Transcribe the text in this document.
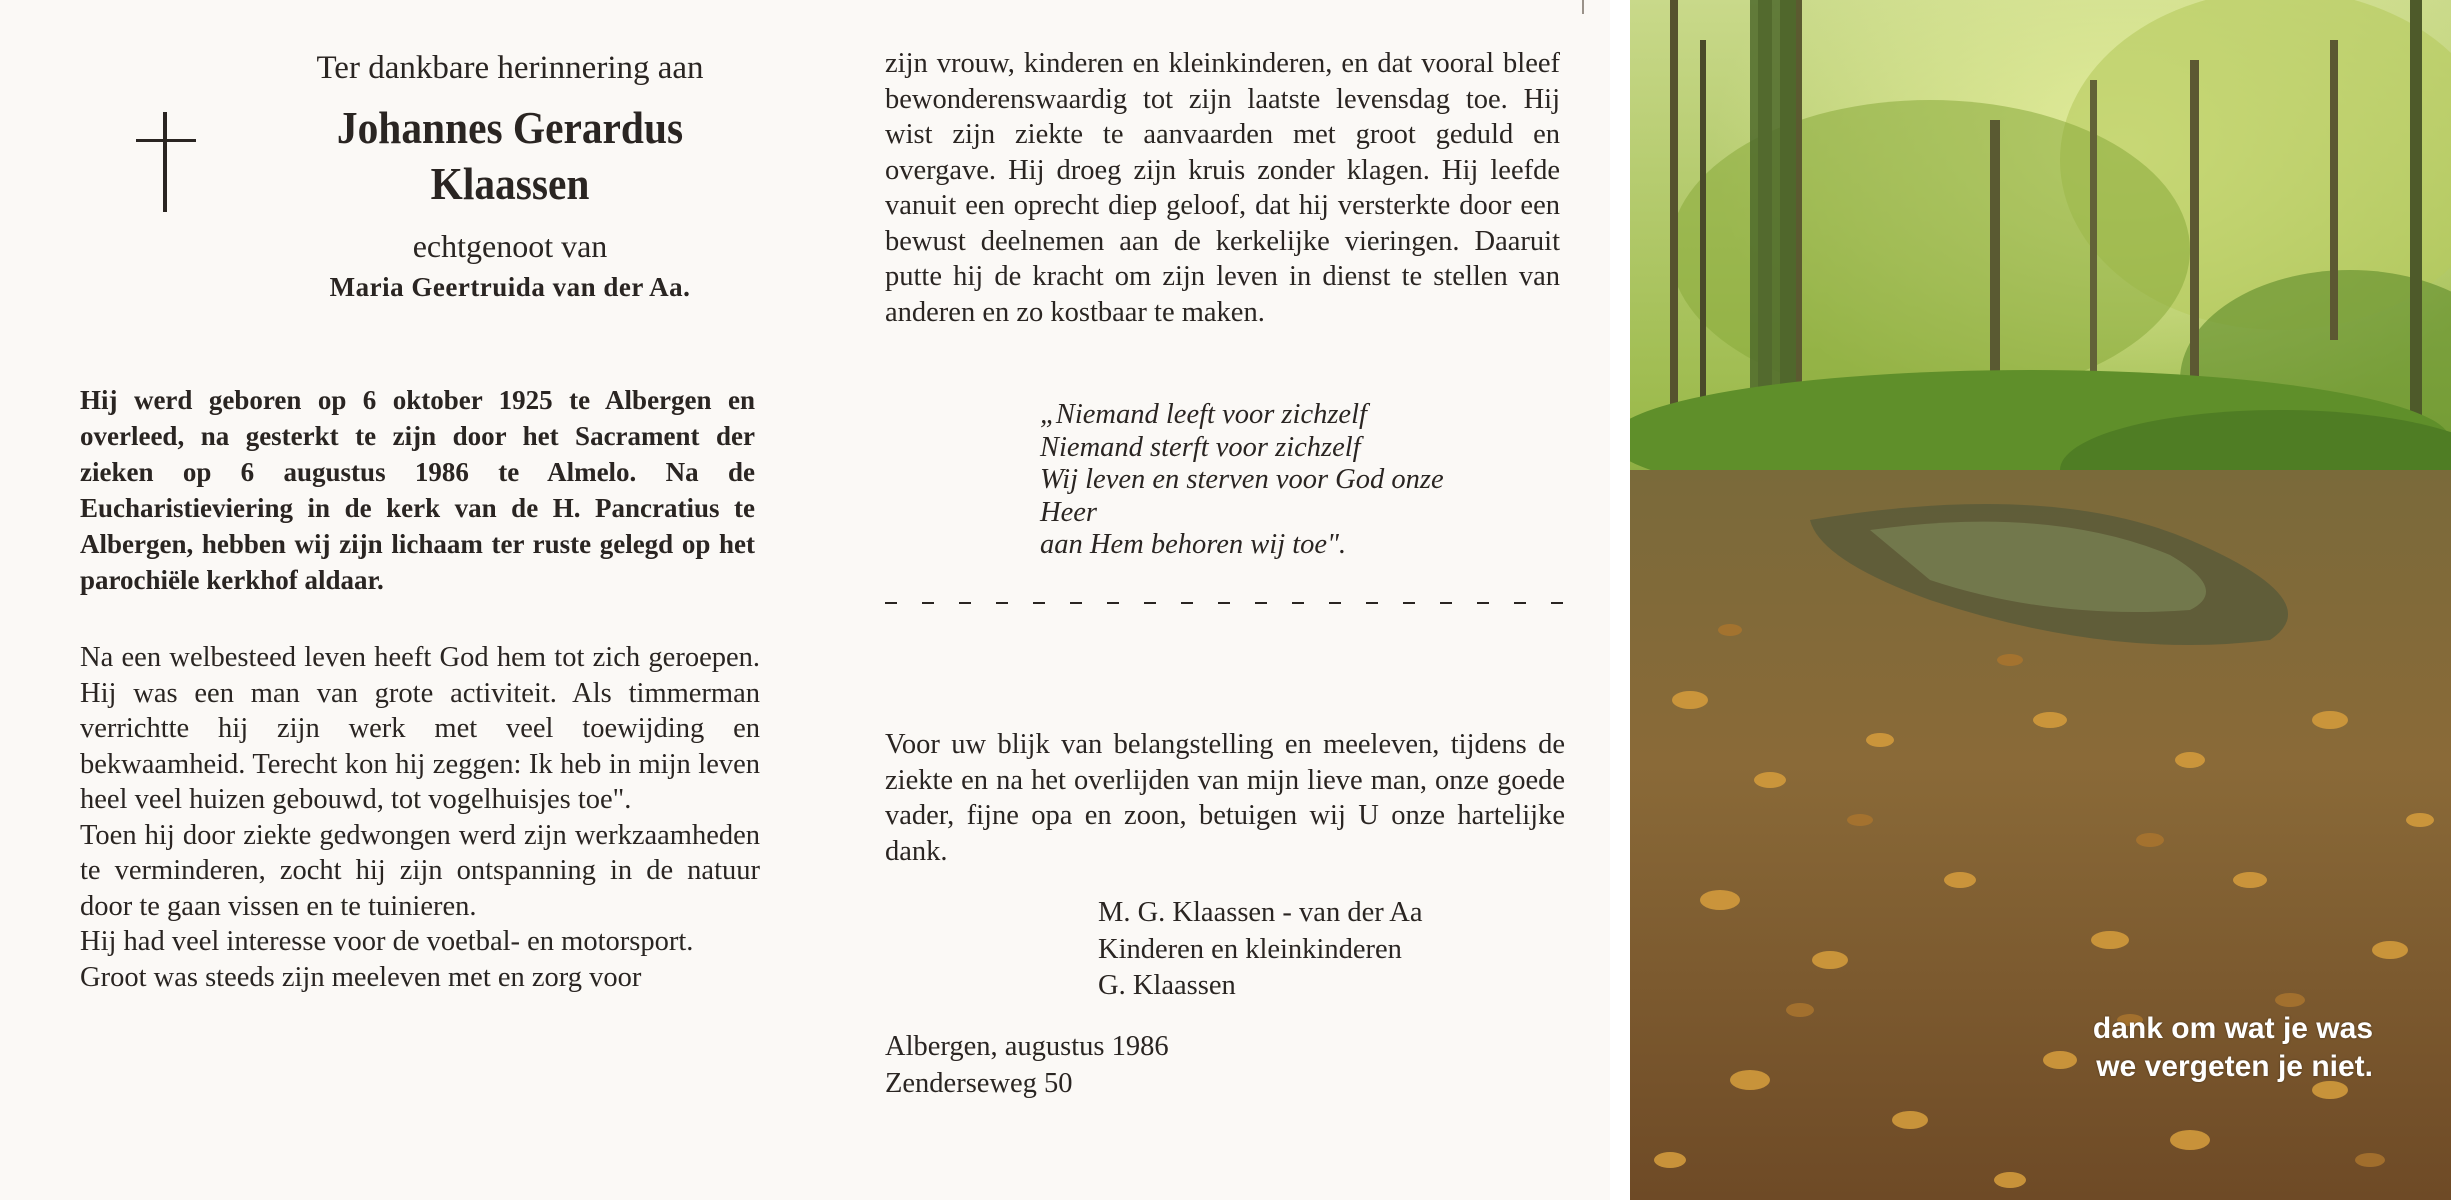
Ter dankbare herinnering aan
Johannes Gerardus
Klaassen
echtgenoot van
Maria Geertruida van der Aa.

Hij werd geboren op 6 oktober 1925 te Albergen en overleed, na gesterkt te zijn door het Sacrament der zieken op 6 augustus 1986 te Almelo. Na de Eucharistieviering in de kerk van de H. Pancratius te Albergen, hebben wij zijn lichaam ter ruste gelegd op het parochiële kerkhof aldaar.

Na een welbesteed leven heeft God hem tot zich geroepen. Hij was een man van grote activiteit. Als timmerman verrichtte hij zijn werk met veel toewijding en bekwaamheid. Terecht kon hij zeggen: Ik heb in mijn leven heel veel huizen gebouwd, tot vogelhuisjes toe".

Toen hij door ziekte gedwongen werd zijn werkzaamheden te verminderen, zocht hij zijn ontspanning in de natuur door te gaan vissen en te tuinieren.

Hij had veel interesse voor de voetbal- en motorsport.

Groot was steeds zijn meeleven met en zorg voor

zijn vrouw, kinderen en kleinkinderen, en dat vooral bleef bewonderenswaardig tot zijn laatste levensdag toe. Hij wist zijn ziekte te aanvaarden met groot geduld en overgave. Hij droeg zijn kruis zonder klagen. Hij leefde vanuit een oprecht diep geloof, dat hij versterkte door een bewust deelnemen aan de kerkelijke vieringen. Daaruit putte hij de kracht om zijn leven in dienst te stellen van anderen en zo kostbaar te maken.

„Niemand leeft voor zichzelf

Niemand sterft voor zichzelf

Wij leven en sterven voor God onze

Heer

aan Hem behoren wij toe".

Voor uw blijk van belangstelling en meeleven, tijdens de ziekte en na het overlijden van mijn lieve man, onze goede vader, fijne opa en zoon, betuigen wij U onze hartelijke dank.

M. G. Klaassen - van der Aa

Kinderen en kleinkinderen

G. Klaassen

Albergen, augustus 1986

Zenderseweg 50

dank om wat je was

we vergeten je niet.
